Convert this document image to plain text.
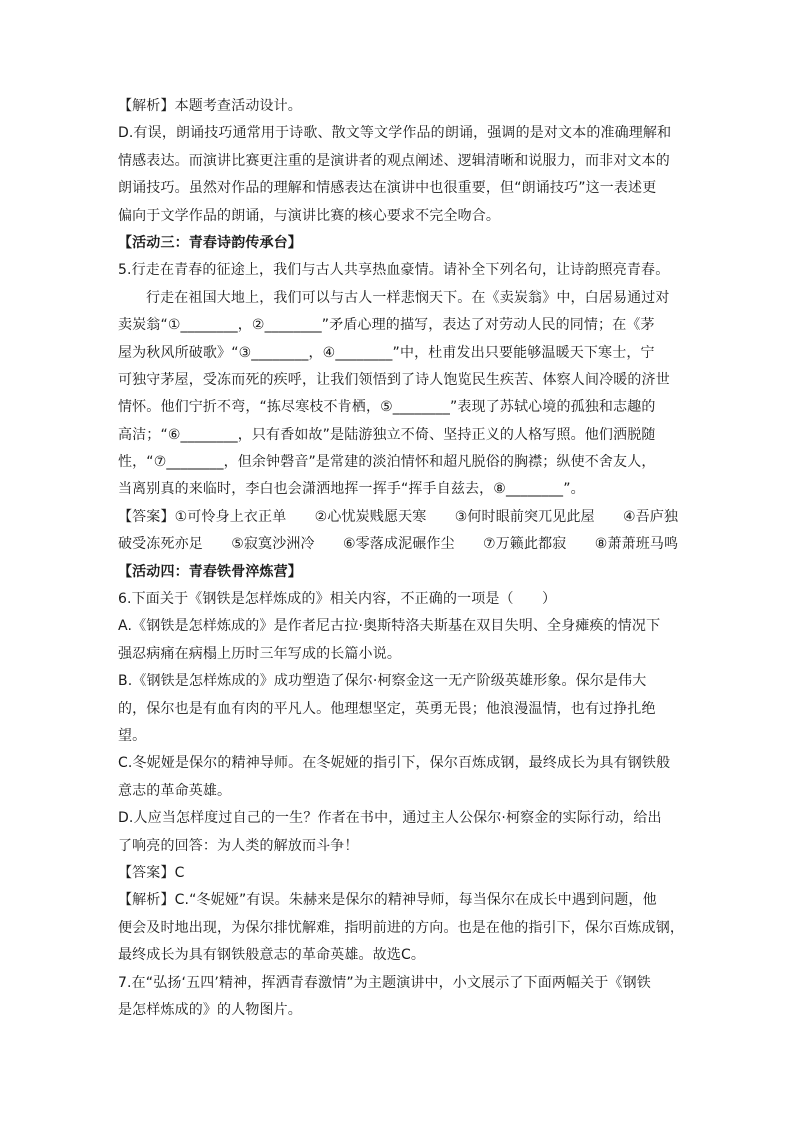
【解析】本题考查活动设计。
D.有误，朗诵技巧通常用于诗歌、散文等文学作品的朗诵，强调的是对文本的准确理解和
情感表达。而演讲比赛更注重的是演讲者的观点阐述、逻辑清晰和说服力，而非对文本的
朗诵技巧。虽然对作品的理解和情感表达在演讲中也很重要，但“朗诵技巧”这一表述更
偏向于文学作品的朗诵，与演讲比赛的核心要求不完全吻合。
【活动三：青春诗韵传承台】
5.行走在青春的征途上，我们与古人共享热血豪情。请补全下列名句，让诗韵照亮青春。
行走在祖国大地上，我们可以与古人一样悲悯天下。在《卖炭翁》中，白居易通过对
卖炭翁“①________，②________”矛盾心理的描写，表达了对劳动人民的同情；在《茅
屋为秋风所破歌》“③________，④________”中，杜甫发出只要能够温暖天下寒士，宁
可独守茅屋，受冻而死的疾呼，让我们领悟到了诗人饱览民生疾苦、体察人间冷暖的济世
情怀。他们宁折不弯，“拣尽寒枝不肯栖，⑤________”表现了苏轼心境的孤独和志趣的
高洁；“⑥________，只有香如故”是陆游独立不倚、坚持正义的人格写照。他们洒脱随
性，“⑦________，但余钟磬音”是常建的淡泊情怀和超凡脱俗的胸襟；纵使不舍友人，
当离别真的来临时，李白也会潇洒地挥一挥手“挥手自兹去，⑧________”。
【答案】①可怜身上衣正单　　②心忧炭贱愿天寒　　③何时眼前突兀见此屋　　④吾庐独
破受冻死亦足　　⑤寂寞沙洲冷　　⑥零落成泥碾作尘　　⑦万籁此都寂　　⑧萧萧班马鸣
【活动四：青春铁骨淬炼营】
6.下面关于《钢铁是怎样炼成的》相关内容，不正确的一项是（　　）
A.《钢铁是怎样炼成的》是作者尼古拉·奥斯特洛夫斯基在双目失明、全身瘫痪的情况下
强忍病痛在病榻上历时三年写成的长篇小说。
B.《钢铁是怎样炼成的》成功塑造了保尔·柯察金这一无产阶级英雄形象。保尔是伟大
的，保尔也是有血有肉的平凡人。他理想坚定，英勇无畏；他浪漫温情，也有过挣扎绝
望。
C.冬妮娅是保尔的精神导师。在冬妮娅的指引下，保尔百炼成钢，最终成长为具有钢铁般
意志的革命英雄。
D.人应当怎样度过自己的一生？作者在书中，通过主人公保尔·柯察金的实际行动，给出
了响亮的回答：为人类的解放而斗争！
【答案】C
【解析】C.“冬妮娅”有误。朱赫来是保尔的精神导师，每当保尔在成长中遇到问题，他
便会及时地出现，为保尔排忧解难，指明前进的方向。也是在他的指引下，保尔百炼成钢，
最终成长为具有钢铁般意志的革命英雄。故选C。
7.在“弘扬‘五四’精神，挥洒青春激情”为主题演讲中，小文展示了下面两幅关于《钢铁
是怎样炼成的》的人物图片。
